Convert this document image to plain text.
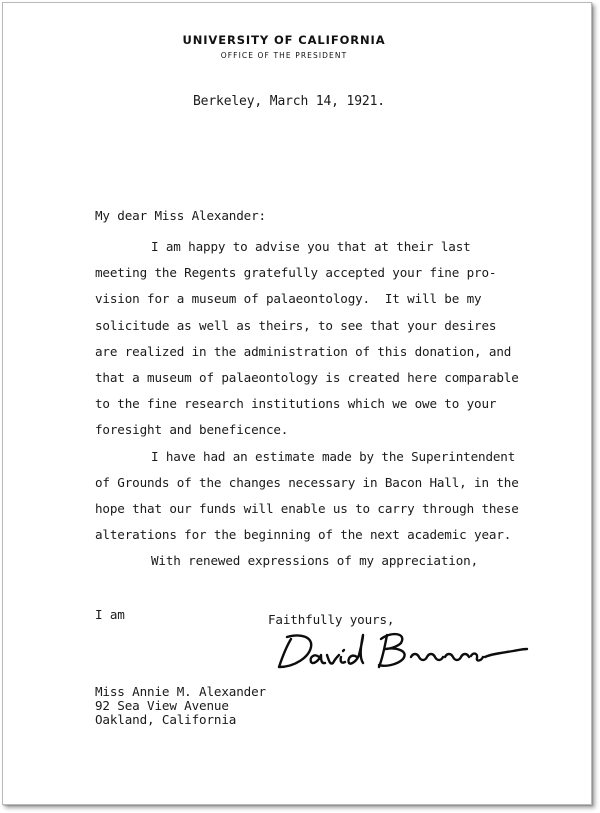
UNIVERSITY OF CALIFORNIA
OFFICE OF THE PRESIDENT
Berkeley, March 14, 1921.
My dear Miss Alexander:
I am happy to advise you that at their last
meeting the Regents gratefully accepted your fine pro-
vision for a museum of palaeontology.  It will be my
solicitude as well as theirs, to see that your desires
are realized in the administration of this donation, and
that a museum of palaeontology is created here comparable
to the fine research institutions which we owe to your
foresight and beneficence.
I have had an estimate made by the Superintendent
of Grounds of the changes necessary in Bacon Hall, in the
hope that our funds will enable us to carry through these
alterations for the beginning of the next academic year.
With renewed expressions of my appreciation,
I am	Faithfully yours,
Miss Annie M. Alexander
92 Sea View Avenue
Oakland, California
